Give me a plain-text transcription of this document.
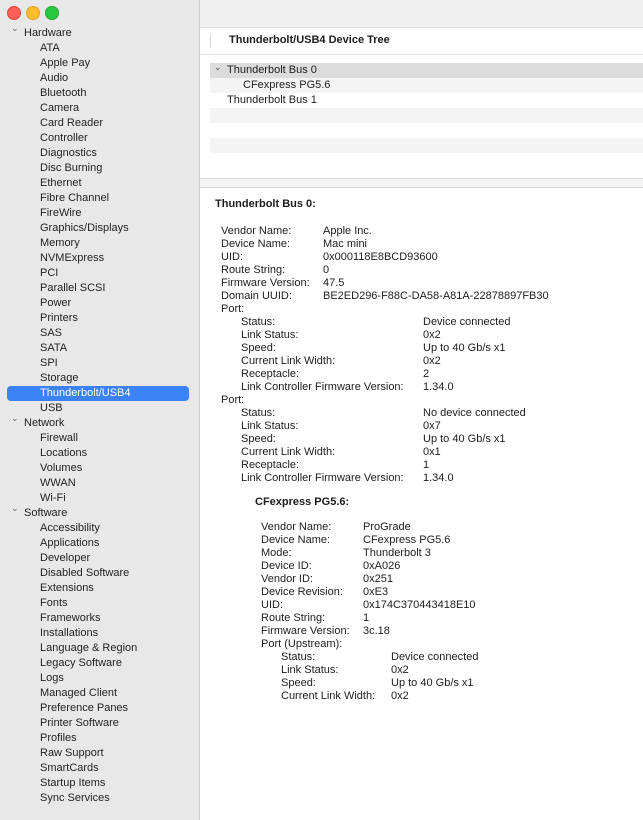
⌄ Hardware
ATA
Apple Pay
Audio
Bluetooth
Camera
Card Reader
Controller
Diagnostics
Disc Burning
Ethernet
Fibre Channel
FireWire
Graphics/Displays
Memory
NVMExpress
PCI
Parallel SCSI
Power
Printers
SAS
SATA
SPI
Storage
Thunderbolt/USB4
USB
⌄ Network
Firewall
Locations
Volumes
WWAN
Wi-Fi
⌄ Software
Accessibility
Applications
Developer
Disabled Software
Extensions
Fonts
Frameworks
Installations
Language & Region
Legacy Software
Logs
Managed Client
Preference Panes
Printer Software
Profiles
Raw Support
SmartCards
Startup Items
Sync Services
Thunderbolt/USB4 Device Tree
⌄ Thunderbolt Bus 0
CFexpress PG5.6
Thunderbolt Bus 1
Thunderbolt Bus 0:
Vendor Name:	Apple Inc.
Device Name:	Mac mini
UID:	0x000118E8BCD93600
Route String:	0
Firmware Version: 47.5
Domain UUID:	BE2ED296-F88C-DA58-A81A-22878897FB30
Port:
Status:	Device connected
Link Status:	0x2
Speed:	Up to 40 Gb/s x1
Current Link Width:	0x2
Receptacle:	2
Link Controller Firmware Version: 1.34.0
Port:
Status:	No device connected
Link Status:	0x7
Speed:	Up to 40 Gb/s x1
Current Link Width:	0x1
Receptacle:	1
Link Controller Firmware Version: 1.34.0
CFexpress PG5.6:
Vendor Name:	ProGrade
Device Name:	CFexpress PG5.6
Mode:	Thunderbolt 3
Device ID:	0xA026
Vendor ID:	0x251
Device Revision: 0xE3
UID:	0x174C370443418E10
Route String:	1
Firmware Version: 3c.18
Port (Upstream):
Status:	Device connected
Link Status:	0x2
Speed:	Up to 40 Gb/s x1
Current Link Width: 0x2
